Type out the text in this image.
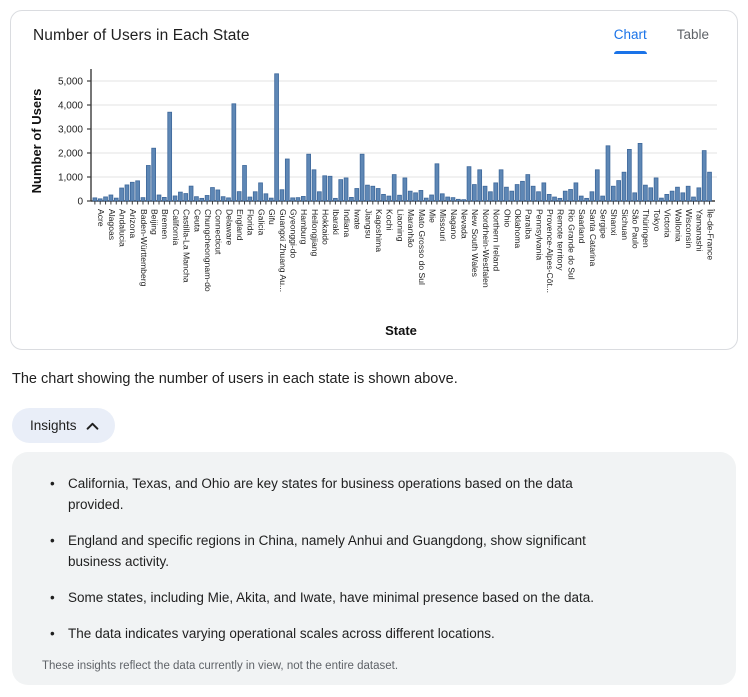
Number of Users in Each State	Chart Table
0
1,000
2,000
3,000
4,000
5,000
Acre Alagoas Andalucia Arizona Baden-Württemberg Beijing Bremen California Castilla-La Mancha Ceuta Chungcheongnam-do Connecticut Delaware England Florida Galicia Gifu Guangxi Zhuang Au... Gyeonggi-do Hamburg Heilongjiang Hokkaido Ibaraki Indiana Iwate Jiangsu Kagoshima Kochi Liaoning Maranhão Mato Grosso do Sul Mie Missouri Nagano Nevada New South Wales Nordrhein-Westfalen Northern Ireland Ohio Oklahoma Paraíba Pennsylvania Provence-Alpes-Côt... Remote territory Rio Grande do Sul Saarland Santa Catarina Sergipe Shanxi Sichuan São Paulo Thüringen Tokyo Victoria Wallonia Wisconsin Yamanashi Île-de-France
Number of Users
State

The chart showing the number of users in each state is shown above.

Insights
• California, Texas, and Ohio are key states for business operations based on the data provided.
• England and specific regions in China, namely Anhui and Guangdong, show significant business activity.
• Some states, including Mie, Akita, and Iwate, have minimal presence based on the data.
• The data indicates varying operational scales across different locations.
These insights reflect the data currently in view, not the entire dataset.
